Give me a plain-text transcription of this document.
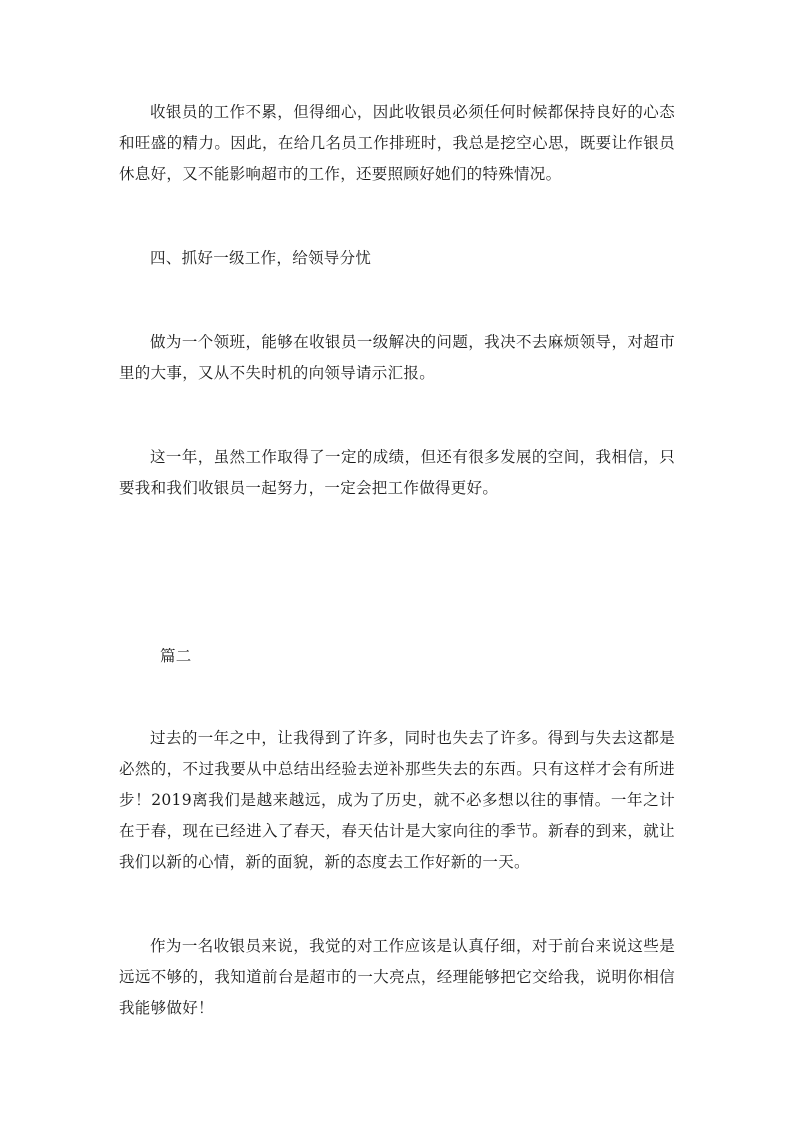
收银员的工作不累，但得细心，因此收银员必须任何时候都保持良好的心态和旺盛的精力。因此，在给几名员工作排班时，我总是挖空心思，既要让作银员休息好，又不能影响超市的工作，还要照顾好她们的特殊情况。

四、抓好一级工作，给领导分忧

做为一个领班，能够在收银员一级解决的问题，我决不去麻烦领导，对超市里的大事，又从不失时机的向领导请示汇报。

这一年，虽然工作取得了一定的成绩，但还有很多发展的空间，我相信，只要我和我们收银员一起努力，一定会把工作做得更好。

篇二

过去的一年之中，让我得到了许多，同时也失去了许多。得到与失去这都是必然的，不过我要从中总结出经验去逆补那些失去的东西。只有这样才会有所进步！2019离我们是越来越远，成为了历史，就不必多想以往的事情。一年之计在于春，现在已经进入了春天，春天估计是大家向往的季节。新春的到来，就让我们以新的心情，新的面貌，新的态度去工作好新的一天。

作为一名收银员来说，我觉的对工作应该是认真仔细，对于前台来说这些是远远不够的，我知道前台是超市的一大亮点，经理能够把它交给我，说明你相信我能够做好！
